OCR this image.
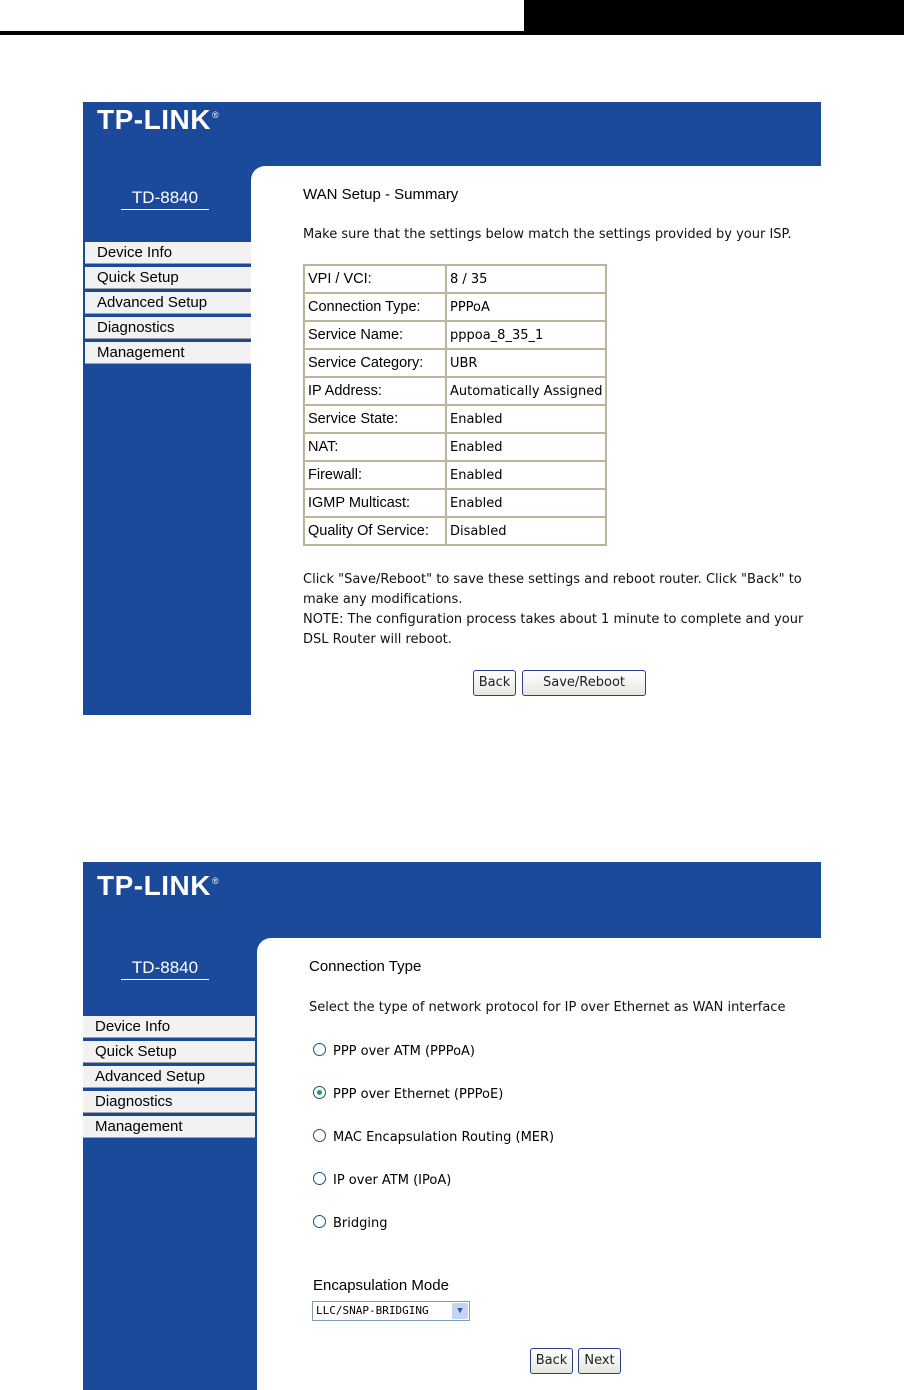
TP-LINK®
TD-8840
Device Info
Quick Setup
Advanced Setup
Diagnostics
Management
WAN Setup - Summary
Make sure that the settings below match the settings provided by your ISP.
VPI / VCI:	8 / 35
Connection Type:	PPPoA
Service Name:	pppoa_8_35_1
Service Category:	UBR
IP Address:	Automatically Assigned
Service State:	Enabled
NAT:	Enabled
Firewall:	Enabled
IGMP Multicast:	Enabled
Quality Of Service:	Disabled
Click "Save/Reboot" to save these settings and reboot router. Click "Back" to
make any modifications.
NOTE: The configuration process takes about 1 minute to complete and your
DSL Router will reboot.
Back	Save/Reboot
TP-LINK®
TD-8840
Device Info
Quick Setup
Advanced Setup
Diagnostics
Management
Connection Type
Select the type of network protocol for IP over Ethernet as WAN interface
PPP over ATM (PPPoA)
PPP over Ethernet (PPPoE)
MAC Encapsulation Routing (MER)
IP over ATM (IPoA)
Bridging
Encapsulation Mode
LLC/SNAP-BRIDGING	▼
Back	Next
